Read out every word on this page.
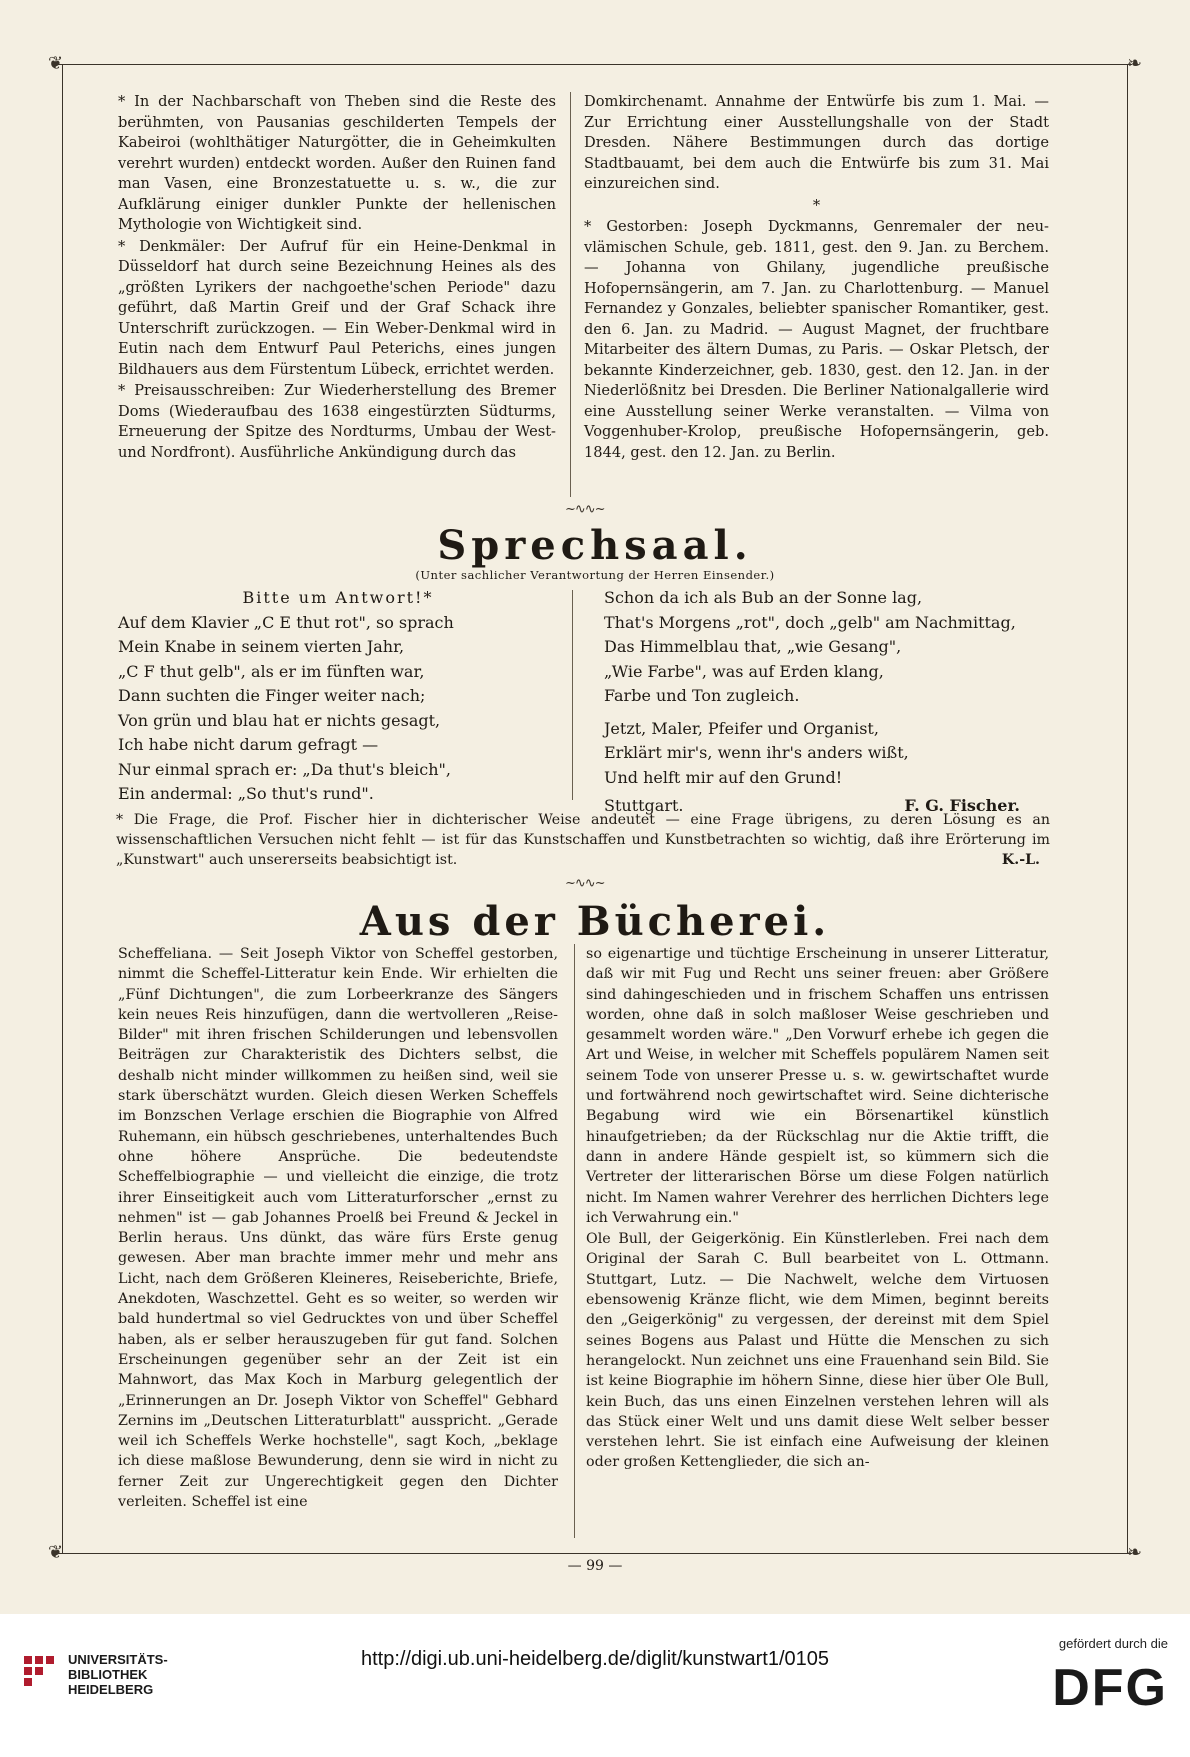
❦	❧
❦	❧

* In der Nachbarschaft von Theben sind die Reste des berühmten, von Pausanias geschilderten Tempels der Kabeiroi (wohlthätiger Naturgötter, die in Geheimkulten verehrt wurden) entdeckt worden. Außer den Ruinen fand man Vasen, eine Bronzestatuette u. s. w., die zur Aufklärung einiger dunkler Punkte der hellenischen Mythologie von Wichtigkeit sind.

* Denkmäler: Der Aufruf für ein Heine-Denkmal in Düsseldorf hat durch seine Bezeichnung Heines als des „größten Lyrikers der nachgoethe'schen Periode" dazu geführt, daß Martin Greif und der Graf Schack ihre Unterschrift zurückzogen. — Ein Weber-Denkmal wird in Eutin nach dem Entwurf Paul Peterichs, eines jungen Bildhauers aus dem Fürstentum Lübeck, errichtet werden.

* Preisausschreiben: Zur Wiederherstellung des Bremer Doms (Wiederaufbau des 1638 eingestürzten Südturms, Erneuerung der Spitze des Nordturms, Umbau der West- und Nordfront). Ausführliche Ankündigung durch das

Domkirchenamt. Annahme der Entwürfe bis zum 1. Mai. — Zur Errichtung einer Ausstellungshalle von der Stadt Dresden. Nähere Bestimmungen durch das dortige Stadtbauamt, bei dem auch die Entwürfe bis zum 31. Mai einzureichen sind.

*

* Gestorben: Joseph Dyckmanns, Genremaler der neu-vlämischen Schule, geb. 1811, gest. den 9. Jan. zu Berchem. — Johanna von Ghilany, jugendliche preußische Hofopernsängerin, am 7. Jan. zu Charlottenburg. — Manuel Fernandez y Gonzales, beliebter spanischer Romantiker, gest. den 6. Jan. zu Madrid. — August Magnet, der fruchtbare Mitarbeiter des ältern Dumas, zu Paris. — Oskar Pletsch, der bekannte Kinderzeichner, geb. 1830, gest. den 12. Jan. in der Niederlößnitz bei Dresden. Die Berliner Nationalgallerie wird eine Ausstellung seiner Werke veranstalten. — Vilma von Voggenhuber-Krolop, preußische Hofopernsängerin, geb. 1844, gest. den 12. Jan. zu Berlin.

~∿∿~
Sprechsaal.
(Unter sachlicher Verantwortung der Herren Einsender.)

Bitte um Antwort!*

Auf dem Klavier „C E thut rot", so sprach

Mein Knabe in seinem vierten Jahr,

„C F thut gelb", als er im fünften war,

Dann suchten die Finger weiter nach;

Von grün und blau hat er nichts gesagt,

Ich habe nicht darum gefragt —

Nur einmal sprach er: „Da thut's bleich",

Ein andermal: „So thut's rund".

Schon da ich als Bub an der Sonne lag,

That's Morgens „rot", doch „gelb" am Nachmittag,

Das Himmelblau that, „wie Gesang",

„Wie Farbe", was auf Erden klang,

Farbe und Ton zugleich.

Jetzt, Maler, Pfeifer und Organist,

Erklärt mir's, wenn ihr's anders wißt,

Und helft mir auf den Grund!

Stuttgart.	F. G. Fischer.

* Die Frage, die Prof. Fischer hier in dichterischer Weise andeutet — eine Frage übrigens, zu deren Lösung es an wissenschaftlichen Versuchen nicht fehlt — ist für das Kunstschaffen und Kunstbetrachten so wichtig, daß ihre Erörterung im „Kunstwart" auch unsererseits beabsichtigt ist.	K.-L.
~∿∿~
Aus der Bücherei.

Scheffeliana. — Seit Joseph Viktor von Scheffel gestorben, nimmt die Scheffel-Litteratur kein Ende. Wir erhielten die „Fünf Dichtungen", die zum Lorbeerkranze des Sängers kein neues Reis hinzufügen, dann die wertvolleren „Reise-Bilder" mit ihren frischen Schilderungen und lebensvollen Beiträgen zur Charakteristik des Dichters selbst, die deshalb nicht minder willkommen zu heißen sind, weil sie stark überschätzt wurden. Gleich diesen Werken Scheffels im Bonzschen Verlage erschien die Biographie von Alfred Ruhemann, ein hübsch geschriebenes, unterhaltendes Buch ohne höhere Ansprüche. Die bedeutendste Scheffelbiographie — und vielleicht die einzige, die trotz ihrer Einseitigkeit auch vom Litteraturforscher „ernst zu nehmen" ist — gab Johannes Proelß bei Freund & Jeckel in Berlin heraus. Uns dünkt, das wäre fürs Erste genug gewesen. Aber man brachte immer mehr und mehr ans Licht, nach dem Größeren Kleineres, Reiseberichte, Briefe, Anekdoten, Waschzettel. Geht es so weiter, so werden wir bald hundertmal so viel Gedrucktes von und über Scheffel haben, als er selber herauszugeben für gut fand. Solchen Erscheinungen gegenüber sehr an der Zeit ist ein Mahnwort, das Max Koch in Marburg gelegentlich der „Erinnerungen an Dr. Joseph Viktor von Scheffel" Gebhard Zernins im „Deutschen Litteraturblatt" ausspricht. „Gerade weil ich Scheffels Werke hochstelle", sagt Koch, „beklage ich diese maßlose Bewunderung, denn sie wird in nicht zu ferner Zeit zur Ungerechtigkeit gegen den Dichter verleiten. Scheffel ist eine

so eigenartige und tüchtige Erscheinung in unserer Litteratur, daß wir mit Fug und Recht uns seiner freuen: aber Größere sind dahingeschieden und in frischem Schaffen uns entrissen worden, ohne daß in solch maßloser Weise geschrieben und gesammelt worden wäre." „Den Vorwurf erhebe ich gegen die Art und Weise, in welcher mit Scheffels populärem Namen seit seinem Tode von unserer Presse u. s. w. gewirtschaftet wurde und fortwährend noch gewirtschaftet wird. Seine dichterische Begabung wird wie ein Börsenartikel künstlich hinaufgetrieben; da der Rückschlag nur die Aktie trifft, die dann in andere Hände gespielt ist, so kümmern sich die Vertreter der litterarischen Börse um diese Folgen natürlich nicht. Im Namen wahrer Verehrer des herrlichen Dichters lege ich Verwahrung ein."

Ole Bull, der Geigerkönig. Ein Künstlerleben. Frei nach dem Original der Sarah C. Bull bearbeitet von L. Ottmann. Stuttgart, Lutz. — Die Nachwelt, welche dem Virtuosen ebensowenig Kränze flicht, wie dem Mimen, beginnt bereits den „Geigerkönig" zu vergessen, der dereinst mit dem Spiel seines Bogens aus Palast und Hütte die Menschen zu sich herangelockt. Nun zeichnet uns eine Frauenhand sein Bild. Sie ist keine Biographie im höhern Sinne, diese hier über Ole Bull, kein Buch, das uns einen Einzelnen verstehen lehren will als das Stück einer Welt und uns damit diese Welt selber besser verstehen lehrt. Sie ist einfach eine Aufweisung der kleinen oder großen Kettenglieder, die sich an-

— 99 —
UNIVERSITÄTS-
BIBLIOTHEK
HEIDELBERG
http://digi.ub.uni-heidelberg.de/diglit/kunstwart1/0105
gefördert durch die
DFG
